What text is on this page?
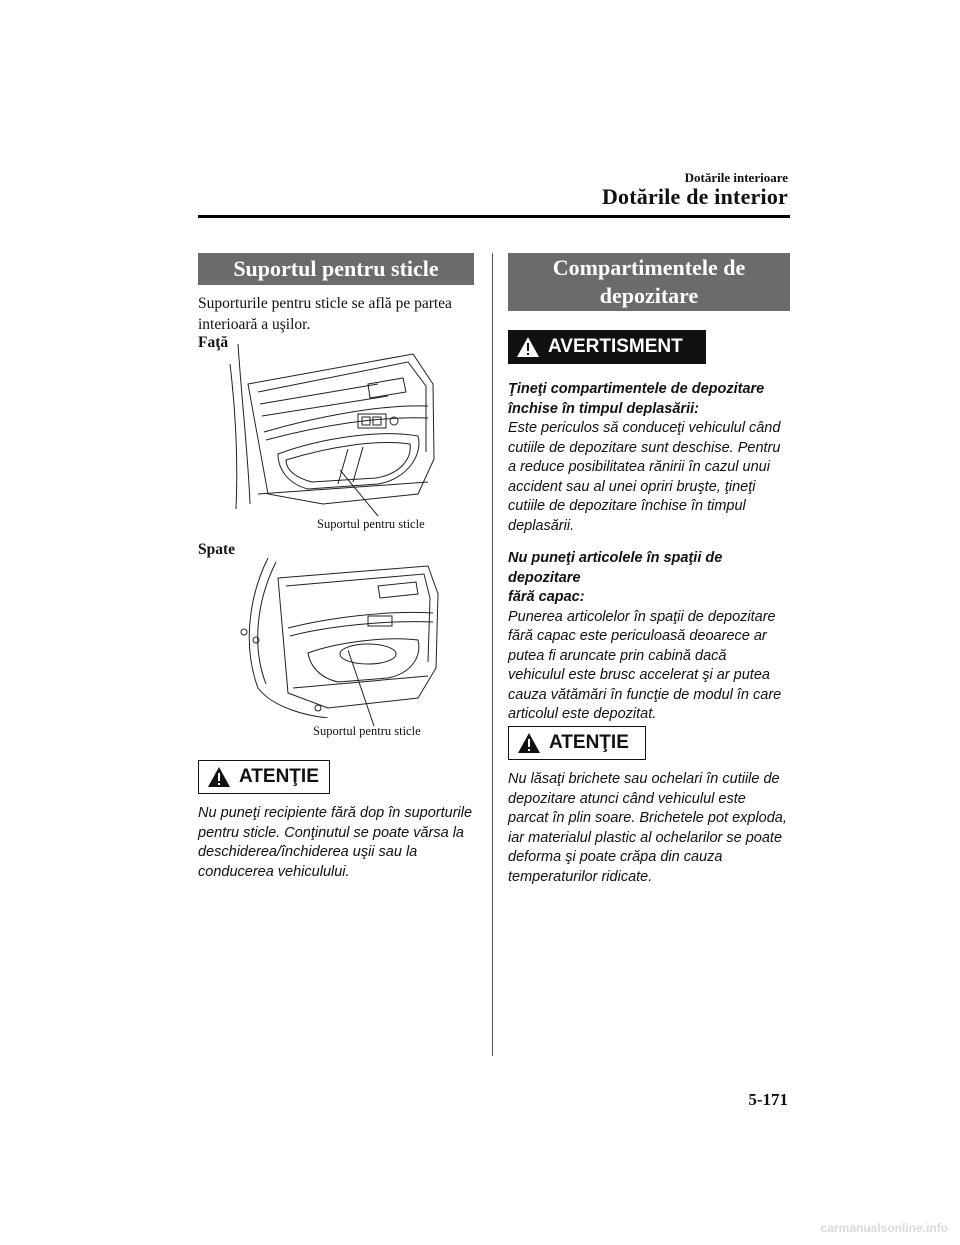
Dotările interioare
Dotările de interior
Suportul pentru sticle
Suporturile pentru sticle se află pe partea
interioară a uşilor.
Faţă
Suportul pentru sticle
Spate
Suportul pentru sticle
ATENŢIE
Nu puneţi recipiente fără dop în suporturile
pentru sticle. Conţinutul se poate vărsa la
deschiderea/închiderea uşii sau la
conducerea vehiculului.
Compartimentele de
depozitare
AVERTISMENT
Ţineţi compartimentele de depozitare
închise în timpul deplasării:
Este periculos să conduceţi vehiculul când
cutiile de depozitare sunt deschise. Pentru
a reduce posibilitatea rănirii în cazul unui
accident sau al unei opriri bruşte, ţineţi
cutiile de depozitare închise în timpul
deplasării.
Nu puneţi articolele în spaţii de depozitare
fără capac:
Punerea articolelor în spaţii de depozitare
fără capac este periculoasă deoarece ar
putea fi aruncate prin cabină dacă
vehiculul este brusc accelerat şi ar putea
cauza vătămări în funcţie de modul în care
articolul este depozitat.
ATENŢIE
Nu lăsaţi brichete sau ochelari în cutiile de
depozitare atunci când vehiculul este
parcat în plin soare. Brichetele pot exploda,
iar materialul plastic al ochelarilor se poate
deforma şi poate crăpa din cauza
temperaturilor ridicate.
5-171
carmanualsonline.info
